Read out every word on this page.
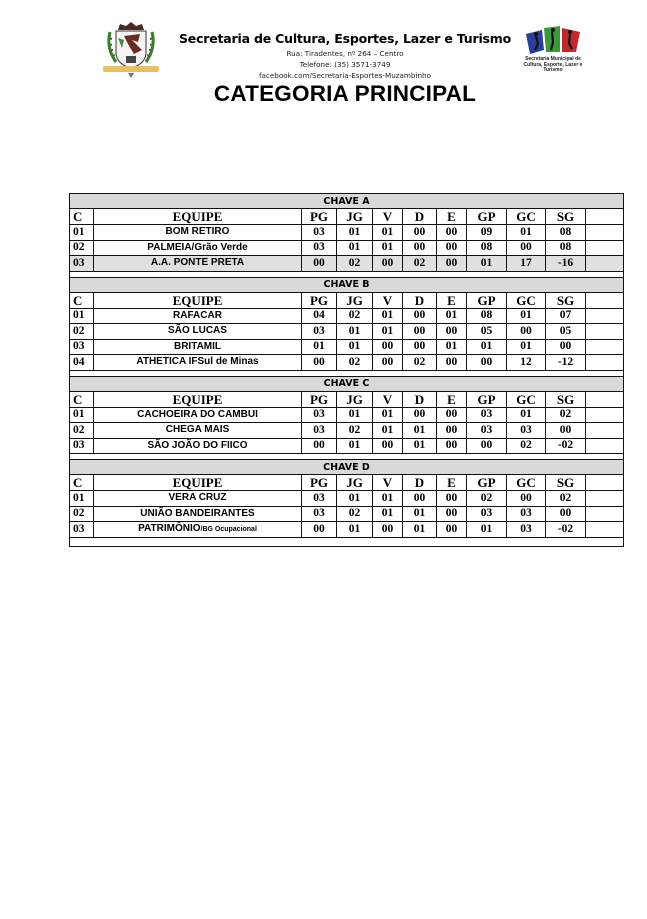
Secretaria de Cultura, Esportes, Lazer e Turismo
Rua: Tiradentes, nº 264 – Centro
Telefone: (35) 3571-3749
facebook.com/Secretaria-Esportes-Muzambinho
CATEGORIA PRINCIPAL
Secretaria Municipal de Cultura, Esporte, Lazer e Turismo
CHAVE A
C	EQUIPE	PG	JG	V	D	E	GP	GC	SG
01	BOM RETIRO	03	01	01	00	00	09	01	08
02	PALMEIA/Grão Verde	03	01	01	00	00	08	00	08
03	A.A. PONTE PRETA	00	02	00	02	00	01	17	-16
CHAVE B
C	EQUIPE	PG	JG	V	D	E	GP	GC	SG
01	RAFACAR	04	02	01	00	01	08	01	07
02	SÃO LUCAS	03	01	01	00	00	05	00	05
03	BRITAMIL	01	01	00	00	01	01	01	00
04	ATHETICA IFSul de Minas	00	02	00	02	00	00	12	-12
CHAVE C
C	EQUIPE	PG	JG	V	D	E	GP	GC	SG
01	CACHOEIRA DO CAMBUI	03	01	01	00	00	03	01	02
02	CHEGA MAIS	03	02	01	01	00	03	03	00
03	SÃO JOÃO DO FIICO	00	01	00	01	00	00	02	-02
CHAVE D
C	EQUIPE	PG	JG	V	D	E	GP	GC	SG
01	VERA CRUZ	03	01	01	00	00	02	00	02
02	UNIÃO BANDEIRANTES	03	02	01	01	00	03	03	00
03	PATRIMÔNIO /BG Ocupacional	00	01	00	01	00	01	03	-02
